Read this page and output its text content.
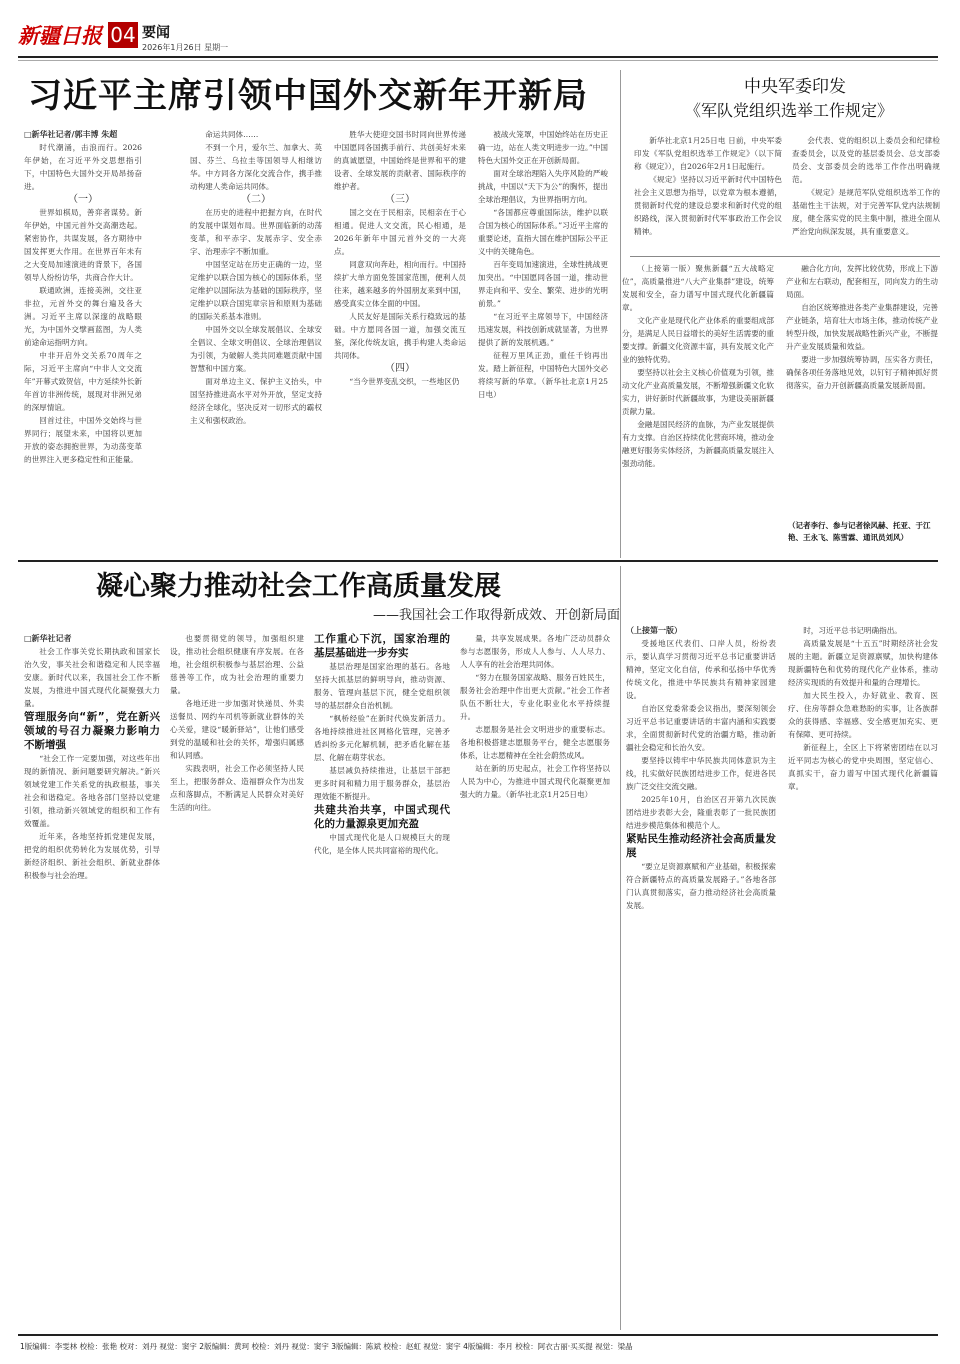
新疆日报 04 要闻
2026年1月26日 星期一
习近平主席引领中国外交新年开新局

□新华社记者/郭丰博 朱超

时代潮涌，击浪而行。2026年伊始，在习近平外交思想指引下，中国特色大国外交开局昂扬奋进。

（一）

世界如棋局，善弈者谋势。新年伊始，中国元首外交高潮迭起。紧密协作，共谋发展，各方期待中国发挥更大作用。在世界百年未有之大变局加速演进的背景下，各国领导人纷纷访华，共商合作大计。

联通欧洲，连接美洲，交往亚非拉，元首外交的舞台遍及各大洲。习近平主席以深邃的战略眼光，为中国外交擘画蓝图，为人类前途命运指明方向。

中非开启外交关系70周年之际，习近平主席向“中非人文交流年”开幕式致贺信，中方延续外长新年首访非洲传统，展现对非洲兄弟的深厚情谊。

回首过往，中国外交始终与世界同行；展望未来，中国将以更加开放的姿态拥抱世界，为动荡变革的世界注入更多稳定性和正能量。

命运共同体……

不到一个月，爱尔兰、加拿大、英国、芬兰、乌拉圭等国领导人相继访华。中方同各方深化交流合作，携手推动构建人类命运共同体。

（二）

在历史的进程中把握方向，在时代的发展中谋划布局。世界面临新的动荡变革，和平赤字、发展赤字、安全赤字、治理赤字不断加重。

中国坚定站在历史正确的一边，坚定维护以联合国为核心的国际体系，坚定维护以国际法为基础的国际秩序，坚定维护以联合国宪章宗旨和原则为基础的国际关系基本准则。

中国外交以全球发展倡议、全球安全倡议、全球文明倡议、全球治理倡议为引领，为破解人类共同难题贡献中国智慧和中国方案。

面对单边主义、保护主义抬头，中国坚持推进高水平对外开放，坚定支持经济全球化，坚决反对一切形式的霸权主义和强权政治。

胜华大使迎交国书时同向世界传递中国愿同各国携手前行、共创美好未来的真诚愿望，中国始终是世界和平的建设者、全球发展的贡献者、国际秩序的维护者。

（三）

国之交在于民相亲，民相亲在于心相通。促进人文交流，民心相通，是2026年新年中国元首外交的一大亮点。

同意双向奔赴，相向而行。中国持续扩大单方面免签国家范围，便利人员往来，越来越多的外国朋友来到中国，感受真实立体全面的中国。

人民友好是国际关系行稳致远的基础。中方愿同各国一道，加强交流互鉴，深化传统友谊，携手构建人类命运共同体。

（四）

“当今世界变乱交织，一些地区仍

被战火笼罩，中国始终站在历史正确一边，站在人类文明进步一边。”中国特色大国外交正在开创新局面。

面对全球治理陷入失序风险的严峻挑战，中国以“天下为公”的胸怀，提出全球治理倡议，为世界指明方向。

“各国都应尊重国际法，维护以联合国为核心的国际体系。”习近平主席的重要论述，直指大国在维护国际公平正义中的关键角色。

百年变局加速演进，全球性挑战更加突出。“中国愿同各国一道，推动世界走向和平、安全、繁荣、进步的光明前景。”

“在习近平主席领导下，中国经济迅速发展，科技创新成就显著，为世界提供了新的发展机遇。”

征程万里风正劲，重任千钧再出发。踏上新征程，中国特色大国外交必将续写新的华章。（新华社北京1月25日电）

中央军委印发
《军队党组织选举工作规定》

新华社北京1月25日电 日前，中央军委印发《军队党组织选举工作规定》（以下简称《规定》），自2026年2月1日起施行。

《规定》坚持以习近平新时代中国特色社会主义思想为指导，以党章为根本遵循，贯彻新时代党的建设总要求和新时代党的组织路线，深入贯彻新时代军事政治工作会议精神。

会代表、党的组织以上委员会和纪律检查委员会，以及党的基层委员会、总支部委员会、支部委员会的选举工作作出明确规范。

《规定》是规范军队党组织选举工作的基础性主干法规，对于完善军队党内法规制度，健全落实党的民主集中制，推进全面从严治党向纵深发展，具有重要意义。

（上接第一版）聚焦新疆“五大战略定位”，高质量推进“八大产业集群”建设，统筹发展和安全，奋力谱写中国式现代化新疆篇章。

文化产业是现代化产业体系的重要组成部分，是满足人民日益增长的美好生活需要的重要支撑。新疆文化资源丰富，具有发展文化产业的独特优势。

要坚持以社会主义核心价值观为引领，推动文化产业高质量发展，不断增强新疆文化软实力，讲好新时代新疆故事，为建设美丽新疆贡献力量。

金融是国民经济的血脉，为产业发展提供有力支撑。自治区持续优化营商环境，推动金融更好服务实体经济，为新疆高质量发展注入强劲动能。

融合化方向，发挥比较优势，形成上下游产业和左右联动，配套相互，同向发力的生动局面。

自治区统筹推进各类产业集群建设，完善产业链条，培育壮大市场主体，推动传统产业转型升级，加快发展战略性新兴产业，不断提升产业发展质量和效益。

要进一步加强统筹协调，压实各方责任，确保各项任务落地见效，以钉钉子精神抓好贯彻落实，奋力开创新疆高质量发展新局面。

（记者李行、参与记者徐风赫、托亚、于江艳、王永飞、陈雪霖、通讯员刘风）
凝心聚力推动社会工作高质量发展
——我国社会工作取得新成效、开创新局面

□新华社记者

社会工作事关党长期执政和国家长治久安，事关社会和谐稳定和人民幸福安康。新时代以来，我国社会工作不断发展，为推进中国式现代化凝聚强大力量。

管理服务向“新”，党在新兴领域的号召力凝聚力影响力不断增强

“社会工作一定要加强，对这些年出现的新情况、新问题要研究解决。”新兴领域党建工作关系党的执政根基，事关社会和谐稳定。各地各部门坚持以党建引领，推动新兴领域党的组织和工作有效覆盖。

近年来，各地坚持抓党建促发展，把党的组织优势转化为发展优势，引导新经济组织、新社会组织、新就业群体积极参与社会治理。

也要贯彻党的领导，加强组织建设，推动社会组织健康有序发展。在各地，社会组织积极参与基层治理、公益慈善等工作，成为社会治理的重要力量。

各地还进一步加强对快递员、外卖送餐员、网约车司机等新就业群体的关心关爱，建设“暖新驿站”，让他们感受到党的温暖和社会的关怀，增强归属感和认同感。

实践表明，社会工作必须坚持人民至上，把服务群众、造福群众作为出发点和落脚点，不断满足人民群众对美好生活的向往。

工作重心下沉，国家治理的基层基础进一步夯实

基层治理是国家治理的基石。各地坚持大抓基层的鲜明导向，推动资源、服务、管理向基层下沉，健全党组织领导的基层群众自治机制。

“枫桥经验”在新时代焕发新活力。各地持续推进社区网格化管理，完善矛盾纠纷多元化解机制，把矛盾化解在基层、化解在萌芽状态。

基层减负持续推进，让基层干部把更多时间和精力用于服务群众，基层治理效能不断提升。

共建共治共享，中国式现代化的力量源泉更加充盈

中国式现代化是人口规模巨大的现代化，是全体人民共同富裕的现代化。

量，共享发展成果。各地广泛动员群众参与志愿服务，形成人人参与、人人尽力、人人享有的社会治理共同体。

“努力在服务国家战略、服务百姓民生，服务社会治理中作出更大贡献。”社会工作者队伍不断壮大，专业化职业化水平持续提升。

志愿服务是社会文明进步的重要标志。各地积极搭建志愿服务平台，健全志愿服务体系，让志愿精神在全社会蔚然成风。

站在新的历史起点，社会工作将坚持以人民为中心，为推进中国式现代化凝聚更加强大的力量。（新华社北京1月25日电）

（上接第一版）

受援地区代表们、口岸人员，纷纷表示，要认真学习贯彻习近平总书记重要讲话精神，坚定文化自信，传承和弘扬中华优秀传统文化，推进中华民族共有精神家园建设。

自治区党委常委会议指出，要深刻领会习近平总书记重要讲话的丰富内涵和实践要求，全面贯彻新时代党的治疆方略，推动新疆社会稳定和长治久安。

要坚持以铸牢中华民族共同体意识为主线，扎实做好民族团结进步工作，促进各民族广泛交往交流交融。

2025年10月，自治区召开第九次民族团结进步表彰大会，隆重表彰了一批民族团结进步模范集体和模范个人。

紧贴民生推动经济社会高质量发展

“要立足资源禀赋和产业基础，积极探索符合新疆特点的高质量发展路子。”各地各部门认真贯彻落实，奋力推动经济社会高质量发展。

时，习近平总书记明确指出。

高质量发展是“十五五”时期经济社会发展的主题。新疆立足资源禀赋，加快构建体现新疆特色和优势的现代化产业体系，推动经济实现质的有效提升和量的合理增长。

加大民生投入，办好就业、教育、医疗、住房等群众急难愁盼的实事，让各族群众的获得感、幸福感、安全感更加充实、更有保障、更可持续。

新征程上，全区上下将紧密团结在以习近平同志为核心的党中央周围，坚定信心、真抓实干，奋力谱写中国式现代化新疆篇章。

1版编辑：李雯林 校检：张艳 校对：刘丹 视觉：窦宇 2版编辑：黄珂 校检：刘丹 视觉：窦宇 3版编辑：陈斌 校检：赵虹 视觉：窦宇 4版编辑：李月 校检：阿衣古丽·买买提 视觉：梁晶
